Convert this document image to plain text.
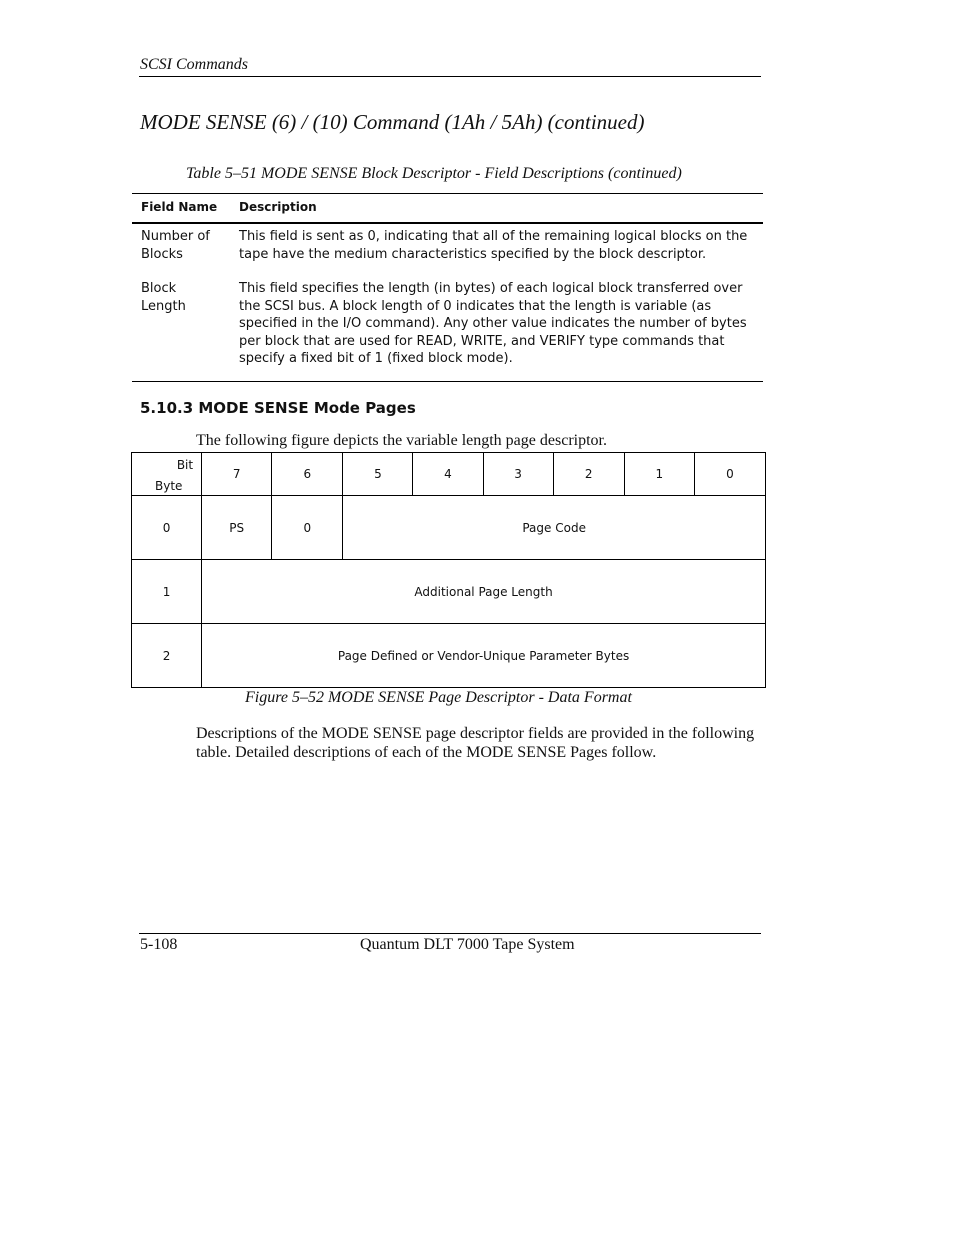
SCSI Commands
MODE SENSE (6) / (10) Command (1Ah / 5Ah) (continued)
Table 5–51 MODE SENSE Block Descriptor - Field Descriptions (continued)
Field Name	Description
Number of Blocks	This field is sent as 0, indicating that all of the remaining logical blocks on the tape have the medium characteristics specified by the block descriptor.
Block Length	This field specifies the length (in bytes) of each logical block transferred over the SCSI bus. A block length of 0 indicates that the length is variable (as specified in the I/O command). Any other value indicates the number of bytes per block that are used for READ, WRITE, and VERIFY type commands that specify a fixed bit of 1 (fixed block mode).
5.10.3 MODE SENSE Mode Pages
The following figure depicts the variable length page descriptor.
Bit
Byte	7	6	5	4	3	2	1	0
0	PS	0	Page Code					
1	Additional Page Length							
2	Page Defined or Vendor-Unique Parameter Bytes							
Figure 5–52 MODE SENSE Page Descriptor - Data Format
Descriptions of the MODE SENSE page descriptor fields are provided in the following table. Detailed descriptions of each of the MODE SENSE Pages follow.
5-108	Quantum DLT 7000 Tape System
